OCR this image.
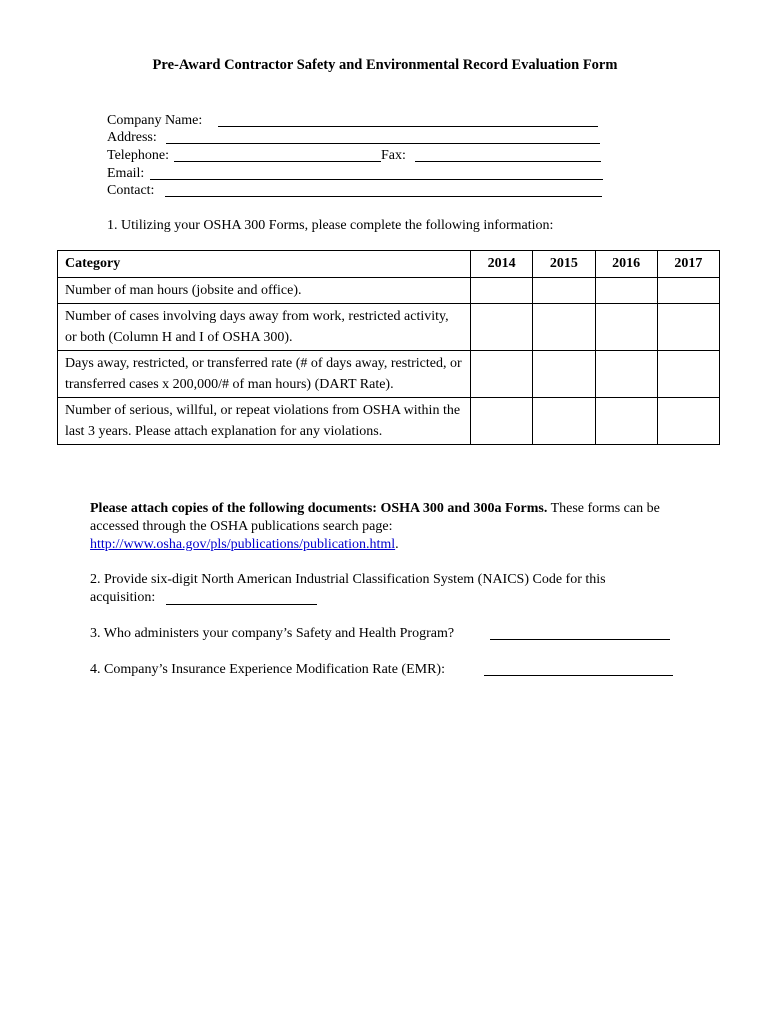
Pre-Award Contractor Safety and Environmental Record Evaluation Form
Company Name:
Address:
Telephone:	Fax:
Email:
Contact:
1. Utilizing your OSHA 300 Forms, please complete the following information:
Category	2014	2015	2016	2017
Number of man hours (jobsite and office).				
Number of cases involving days away from work, restricted activity, or both (Column H and I of OSHA 300).				
Days away, restricted, or transferred rate (# of days away, restricted, or transferred cases x 200,000/# of man hours) (DART Rate).				
Number of serious, willful, or repeat violations from OSHA within the last 3 years. Please attach explanation for any violations.				
Please attach copies of the following documents: OSHA 300 and 300a Forms. These forms can be accessed through the OSHA publications search page: http://www.osha.gov/pls/publications/publication.html.
2. Provide six-digit North American Industrial Classification System (NAICS) Code for this
acquisition:
3. Who administers your company’s Safety and Health Program?
4. Company’s Insurance Experience Modification Rate (EMR):
